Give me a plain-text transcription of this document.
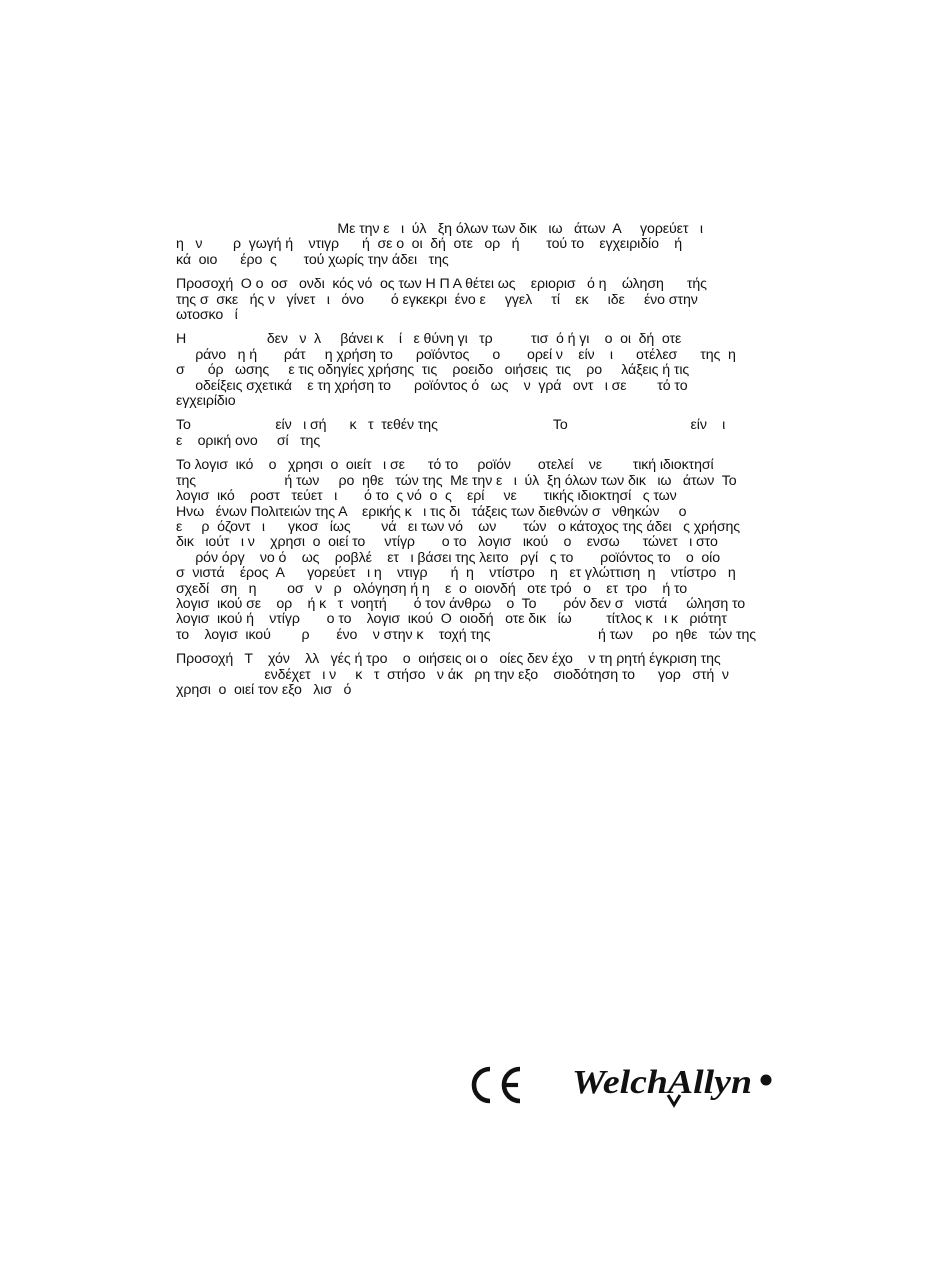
Με την ε   ι  ύλ   ξη όλων των δικ   ιω   άτων  Α     γορεύετ   ι
η   ν        ρ  γωγή ή    ντιγρ      ή  σε ο  οι  δή  οτε   ορ   ή       τού το    εγχειριδίο    ή
κά  οιο      έρο  ς       τού χωρίς την άδει   της

Προσοχή  Ο ο  οσ   ονδι  κός νό  ος των Η Π Α θέτει ως    εριορισ   ό η    ώληση      τής
της σ  σκε   ής ν   γίνετ   ι   όνο       ό εγκεκρι  ένο ε     γγελ     τί    εκ     ιδε     ένο στην
ωτοσκο   ί

Η                     δεν   ν  λ     βάνει κ    ί   ε θύνη γι   τρ          τισ  ό ή γι    ο  οι  δή  οτε
ράνο   η ή       ράτ     η χρήση το      ροϊόντος      ο       ορεί ν    είν    ι      οτέλεσ      της  η
σ      όρ   ωσης     ε τις οδηγίες χρήσης  τις    ροειδο   οιήσεις  τις    ρο     λάξεις ή τις
οδείξεις σχετικά    ε τη χρήση το      ροϊόντος ό   ως    ν  γρά   οντ   ι σε        τό το
εγχειρίδιο

Το                      είν   ι σή      κ   τ  τεθέν της                              Το                                είν    ι
ε    ορική ονο     σί   της

Το λογισ  ικό    ο   χρησι  ο  οιείτ   ι σε      τό το     ροϊόν       οτελεί    νε        τική ιδιοκτησί
της                       ή των     ρο  ηθε   τών της  Με την ε   ι  ύλ  ξη όλων των δικ   ιω   άτων  Το
λογισ  ικό    ροστ   τεύετ   ι       ό το  ς νό  ο  ς    ερί     νε       τικής ιδιοκτησί   ς των
Ηνω   ένων Πολιτειών της Α    ερικής κ   ι τις δι   τάξεις των διεθνών σ   νθηκών     ο
ε     ρ  όζοντ   ι      γκοσ   ίως        νά   ει των νό    ων       τών   ο κάτοχος της άδει   ς χρήσης
δικ   ιούτ   ι ν    χρησι  ο  οιεί το     ντίγρ       ο το   λογισ   ικού    ο    ενσω      τώνετ   ι στο
ρόν όργ    νο ό    ως    ροβλέ    ετ   ι βάσει της λειτο   ργί   ς το       ροϊόντος το    ο  οίο
σ  νιστά    έρος  Α      γορεύετ   ι η    ντιγρ      ή  η    ντίστρο    η   ετ γλώττιση  η    ντίστρο   η
σχεδί   ση   η        οσ   ν   ρ   ολόγηση ή η    ε  ο  οιονδή   οτε τρό   ο    ετ  τρο    ή το
λογισ  ικού σε    ορ    ή κ   τ  νοητή       ό τον άνθρω    ο  Το       ρόν δεν σ   νιστά     ώληση το
λογισ  ικού ή    ντίγρ       ο το    λογισ  ικού  Ο  οιοδή   οτε δικ   ίω         τίτλος κ   ι κ   ριότητ
το    λογισ  ικού        ρ       ένο    ν στην κ    τοχή της                            ή των     ρο  ηθε   τών της

Προσοχή   Τ    χόν    λλ   γές ή τρο    ο  οιήσεις οι ο   οίες δεν έχο    ν τη ρητή έγκριση της
ενδέχετ   ι ν     κ   τ  στήσο   ν άκ   ρη την εξο    σιοδότηση το      γορ   στή  ν
χρησι  ο  οιεί τον εξο   λισ   ό

WelchAllyn
